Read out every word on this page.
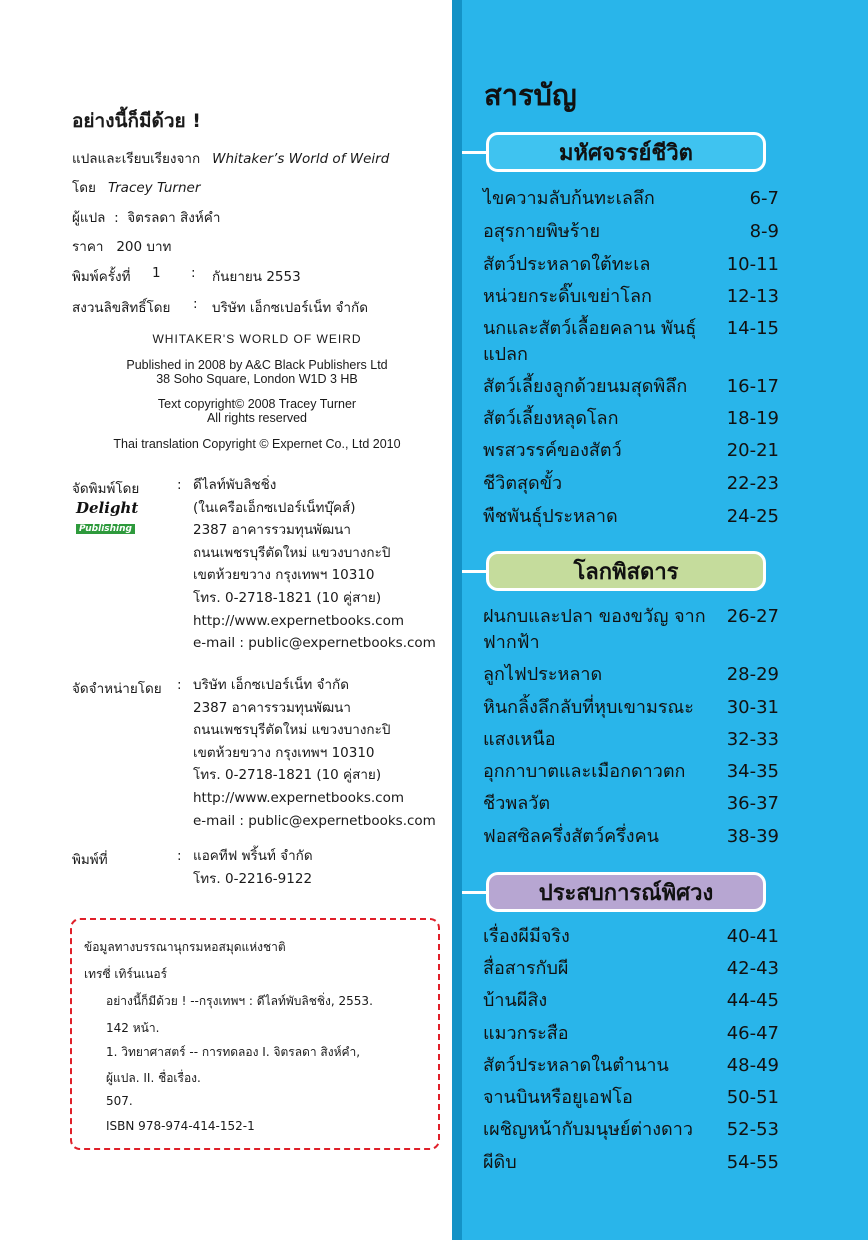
อย่างนี้ก็มีด้วย !
แปลและเรียบเรียงจาก Whitaker’s World of Weird
โดย Tracey Turner
ผู้แปล : จิตรลดา สิงห์คำ
ราคา 200 บาท
พิมพ์ครั้งที่ 1 : กันยายน 2553
สงวนลิขสิทธิ์โดย : บริษัท เอ็กซเปอร์เน็ท จำกัด
WHITAKER'S WORLD OF WEIRD
Published in 2008 by A&C Black Publishers Ltd
38 Soho Square, London W1D 3 HB
Text copyright© 2008 Tracey Turner
All rights reserved
Thai translation Copyright © Expernet Co., Ltd 2010
จัดพิมพ์โดย	:
Delight
Publishing
ดีไลท์พับลิชชิ่ง
(ในเครือเอ็กซเปอร์เน็ทบุ๊คส์)
2387 อาคารรวมทุนพัฒนา
ถนนเพชรบุรีตัดใหม่ แขวงบางกะปิ
เขตห้วยขวาง กรุงเทพฯ 10310
โทร. 0-2718-1821 (10 คู่สาย)
http://www.expernetbooks.com
e-mail : public@expernetbooks.com
จัดจำหน่ายโดย : บริษัท เอ็กซเปอร์เน็ท จำกัด
2387 อาคารรวมทุนพัฒนา
ถนนเพชรบุรีตัดใหม่ แขวงบางกะปิ
เขตห้วยขวาง กรุงเทพฯ 10310
โทร. 0-2718-1821 (10 คู่สาย)
http://www.expernetbooks.com
e-mail : public@expernetbooks.com
พิมพ์ที่	: แอคทีฟ พริ้นท์ จำกัด
โทร. 0-2216-9122
ข้อมูลทางบรรณานุกรมหอสมุดแห่งชาติ
เทรซี่ เทิร์นเนอร์
อย่างนี้ก็มีด้วย ! --กรุงเทพฯ : ดีไลท์พับลิชชิ่ง, 2553.
142 หน้า.
1. วิทยาศาสตร์ -- การทดลอง I. จิตรลดา สิงห์คำ,
ผู้แปล. II. ชื่อเรื่อง.
507.
ISBN 978-974-414-152-1
สารบัญ
มหัศจรรย์ชีวิต
ไขความลับก้นทะเลลึก	6-7
อสุรกายพิษร้าย	8-9
สัตว์ประหลาดใต้ทะเล	10-11
หน่วยกระดิ๊บเขย่าโลก	12-13
นกและสัตว์เลื้อยคลาน พันธุ์แปลก
14-15
สัตว์เลี้ยงลูกด้วยนมสุดพิลึก 16-17
สัตว์เลี้ยงหลุดโลก	18-19
พรสวรรค์ของสัตว์	20-21
ชีวิตสุดขั้ว	22-23
พืชพันธุ์ประหลาด	24-25
โลกพิสดาร
ฝนกบและปลา ของขวัญ จากฟากฟ้า
26-27
ลูกไฟประหลาด	28-29
หินกลิ้งลึกลับที่หุบเขามรณะ 30-31
แสงเหนือ	32-33
อุกกาบาตและเมือกดาวตก 34-35
ชีวพลวัต	36-37
ฟอสซิลครึ่งสัตว์ครึ่งคน	38-39
ประสบการณ์พิศวง
เรื่องผีมีจริง	40-41
สื่อสารกับผี	42-43
บ้านผีสิง	44-45
แมวกระสือ	46-47
สัตว์ประหลาดในตำนาน	48-49
จานบินหรือยูเอฟโอ	50-51
เผชิญหน้ากับมนุษย์ต่างดาว 52-53
ผีดิบ	54-55
